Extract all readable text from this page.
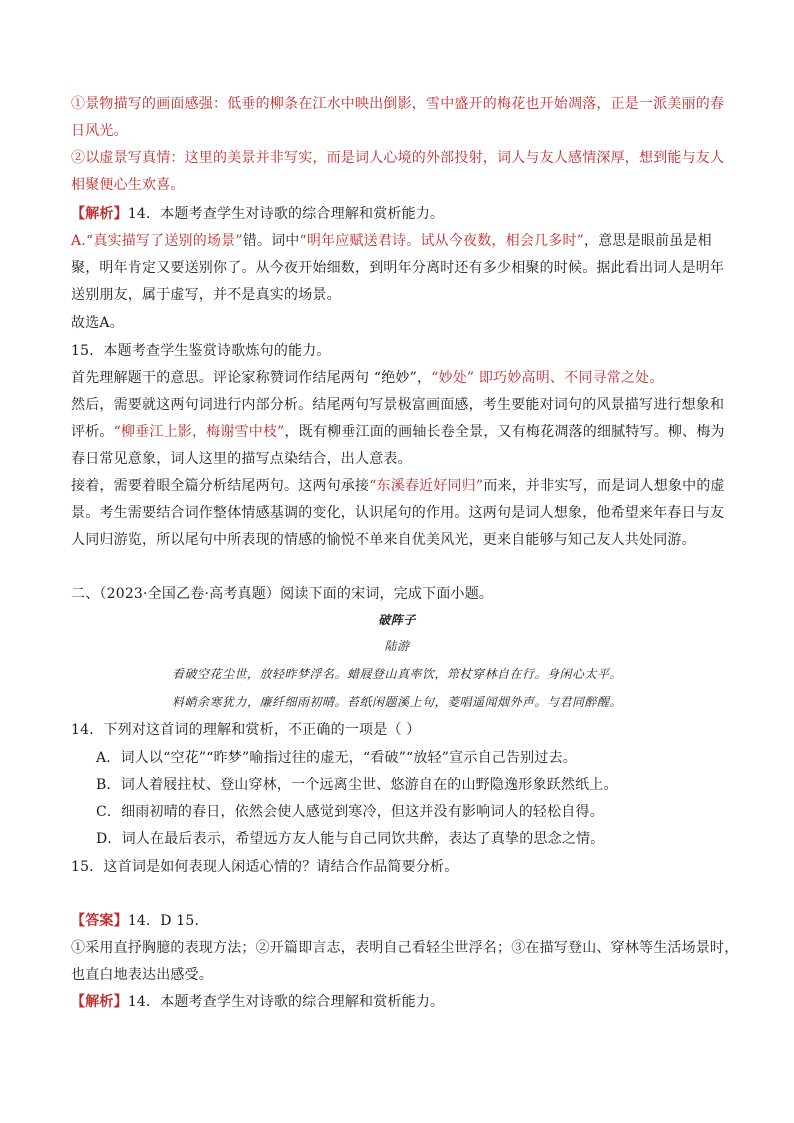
①景物描写的画面感强：低垂的柳条在江水中映出倒影，雪中盛开的梅花也开始凋落，正是一派美丽的春
日风光。
②以虚景写真情：这里的美景并非写实，而是词人心境的外部投射，词人与友人感情深厚，想到能与友人
相聚便心生欢喜。
【解析】14．本题考查学生对诗歌的综合理解和赏析能力。
A.“真实描写了送别的场景”错。词中“明年应赋送君诗。试从今夜数，相会几多时”，意思是眼前虽是相
聚，明年肯定又要送别你了。从今夜开始细数，到明年分离时还有多少相聚的时候。据此看出词人是明年
送别朋友，属于虚写，并不是真实的场景。
故选A。
15．本题考查学生鉴赏诗歌炼句的能力。
首先理解题干的意思。评论家称赞词作结尾两句 “绝妙”，“妙处” 即巧妙高明、不同寻常之处。
然后，需要就这两句词进行内部分析。结尾两句写景极富画面感，考生要能对词句的风景描写进行想象和
评析。“柳垂江上影，梅谢雪中枝”，既有柳垂江面的画轴长卷全景，又有梅花凋落的细腻特写。柳、梅为
春日常见意象，词人这里的描写点染结合，出人意表。
接着，需要着眼全篇分析结尾两句。这两句承接“东溪春近好同归”而来，并非实写，而是词人想象中的虚
景。考生需要结合词作整体情感基调的变化，认识尾句的作用。这两句是词人想象，他希望来年春日与友
人同归游览，所以尾句中所表现的情感的愉悦不单来自优美风光，更来自能够与知己友人共处同游。
二、（2023·全国乙卷·高考真题）阅读下面的宋词，完成下面小题。
破阵子
陆游
看破空花尘世，放轻昨梦浮名。蜡屐登山真率饮，筇杖穿林自在行。身闲心太平。
料峭余寒犹力，廉纤细雨初晴。苔纸闲题溪上句，菱唱遥闻烟外声。与君同醉醒。
14．下列对这首词的理解和赏析，不正确的一项是（ ）
A．词人以“空花”“昨梦”喻指过往的虚无，“看破”“放轻”宣示自己告别过去。
B．词人着屐拄杖、登山穿林，一个远离尘世、悠游自在的山野隐逸形象跃然纸上。
C．细雨初晴的春日，依然会使人感觉到寒冷，但这并没有影响词人的轻松自得。
D．词人在最后表示，希望远方友人能与自己同饮共醉，表达了真挚的思念之情。
15．这首词是如何表现人闲适心情的？请结合作品简要分析。
【答案】14．D 15．
①采用直抒胸臆的表现方法；②开篇即言志，表明自己看轻尘世浮名；③在描写登山、穿林等生活场景时，
也直白地表达出感受。
【解析】14．本题考查学生对诗歌的综合理解和赏析能力。
